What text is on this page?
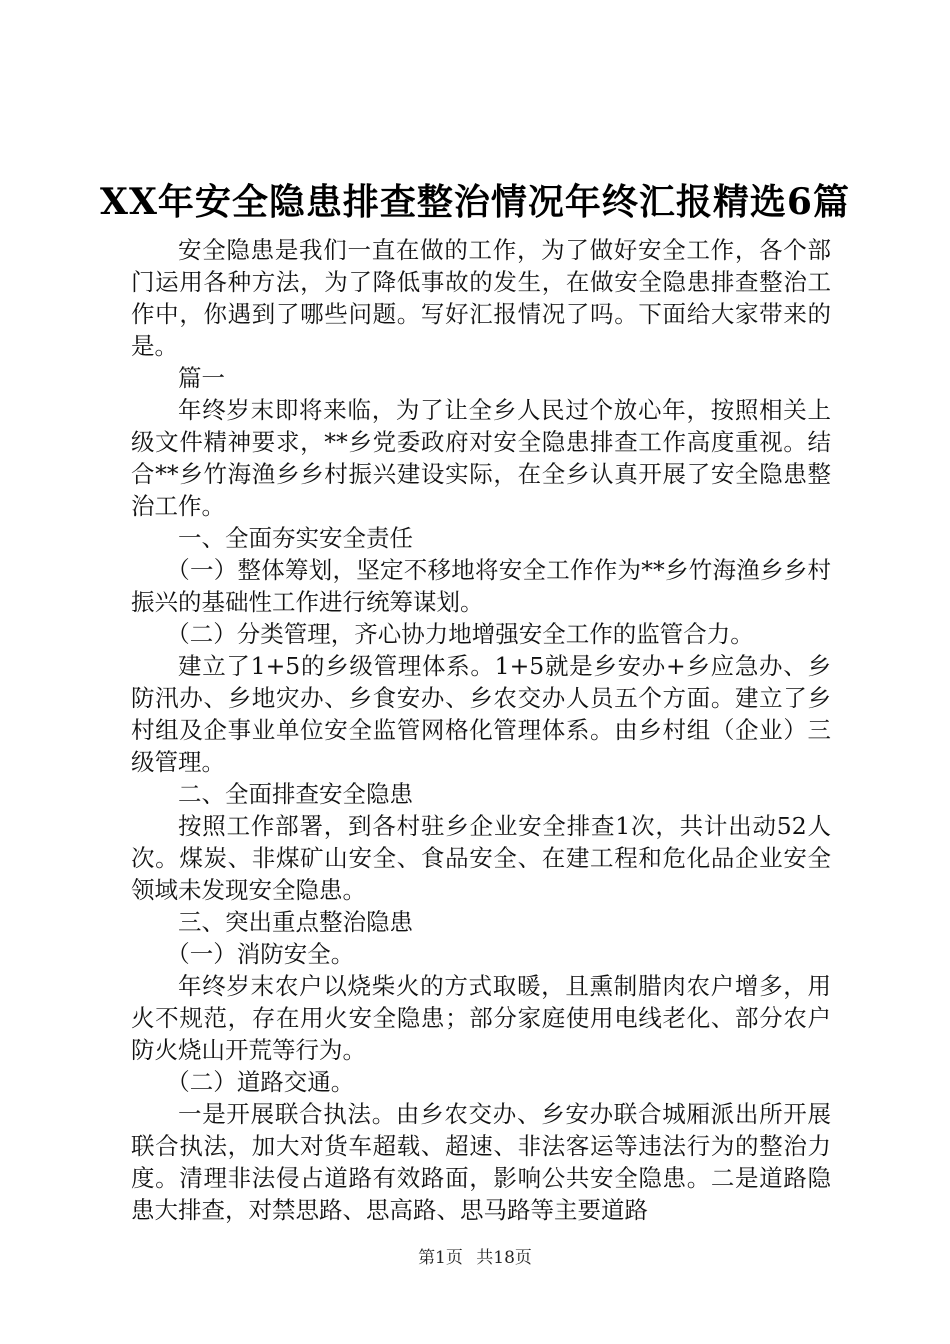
XX年安全隐患排查整治情况年终汇报精选6篇

安全隐患是我们一直在做的工作，为了做好安全工作，各个部门运用各种方法，为了降低事故的发生，在做安全隐患排查整治工作中，你遇到了哪些问题。写好汇报情况了吗。下面给大家带来的是。

篇一

年终岁末即将来临，为了让全乡人民过个放心年，按照相关上级文件精神要求，**乡党委政府对安全隐患排查工作高度重视。结合**乡竹海渔乡乡村振兴建设实际，在全乡认真开展了安全隐患整治工作。

一、全面夯实安全责任

（一）整体筹划，坚定不移地将安全工作作为**乡竹海渔乡乡村振兴的基础性工作进行统筹谋划。

（二）分类管理，齐心协力地增强安全工作的监管合力。

建立了1+5的乡级管理体系。1+5就是乡安办+乡应急办、乡防汛办、乡地灾办、乡食安办、乡农交办人员五个方面。建立了乡村组及企事业单位安全监管网格化管理体系。由乡村组（企业）三级管理。

二、全面排查安全隐患

按照工作部署，到各村驻乡企业安全排查1次，共计出动52人次。煤炭、非煤矿山安全、食品安全、在建工程和危化品企业安全领域未发现安全隐患。

三、突出重点整治隐患

（一）消防安全。

年终岁末农户以烧柴火的方式取暖，且熏制腊肉农户增多，用火不规范，存在用火安全隐患；部分家庭使用电线老化、部分农户防火烧山开荒等行为。

（二）道路交通。

一是开展联合执法。由乡农交办、乡安办联合城厢派出所开展联合执法，加大对货车超载、超速、非法客运等违法行为的整治力度。清理非法侵占道路有效路面，影响公共安全隐患。二是道路隐患大排查，对禁思路、思高路、思马路等主要道路

第1页 共18页
